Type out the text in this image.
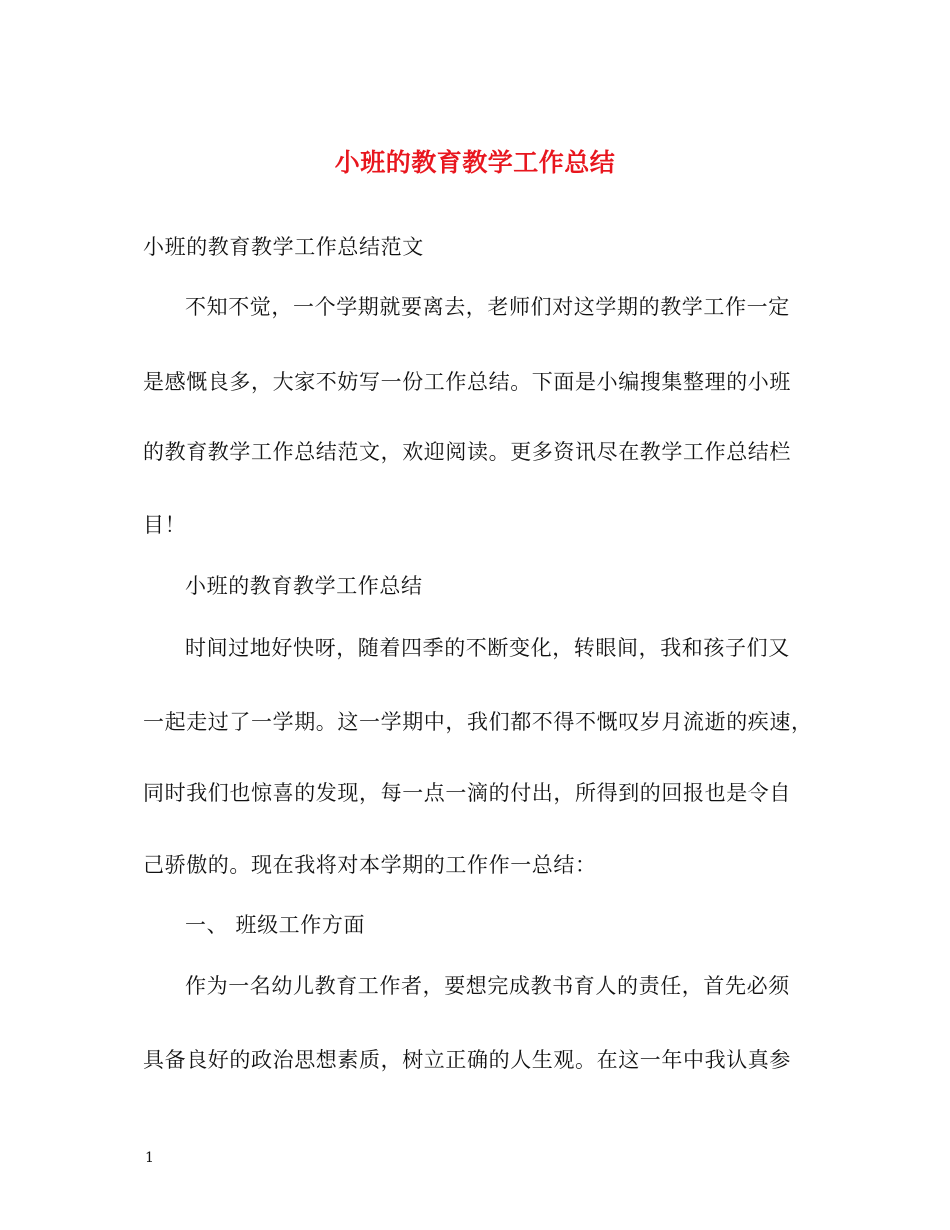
小班的教育教学工作总结
小班的教育教学工作总结范文
不知不觉，一个学期就要离去，老师们对这学期的教学工作一定
是感慨良多，大家不妨写一份工作总结。下面是小编搜集整理的小班
的教育教学工作总结范文，欢迎阅读。更多资讯尽在教学工作总结栏
目！
小班的教育教学工作总结
时间过地好快呀，随着四季的不断变化，转眼间，我和孩子们又
一起走过了一学期。这一学期中，我们都不得不慨叹岁月流逝的疾速，
同时我们也惊喜的发现，每一点一滴的付出，所得到的回报也是令自
己骄傲的。现在我将对本学期的工作作一总结：
一、 班级工作方面
作为一名幼儿教育工作者，要想完成教书育人的责任，首先必须
具备良好的政治思想素质，树立正确的人生观。在这一年中我认真参
1
